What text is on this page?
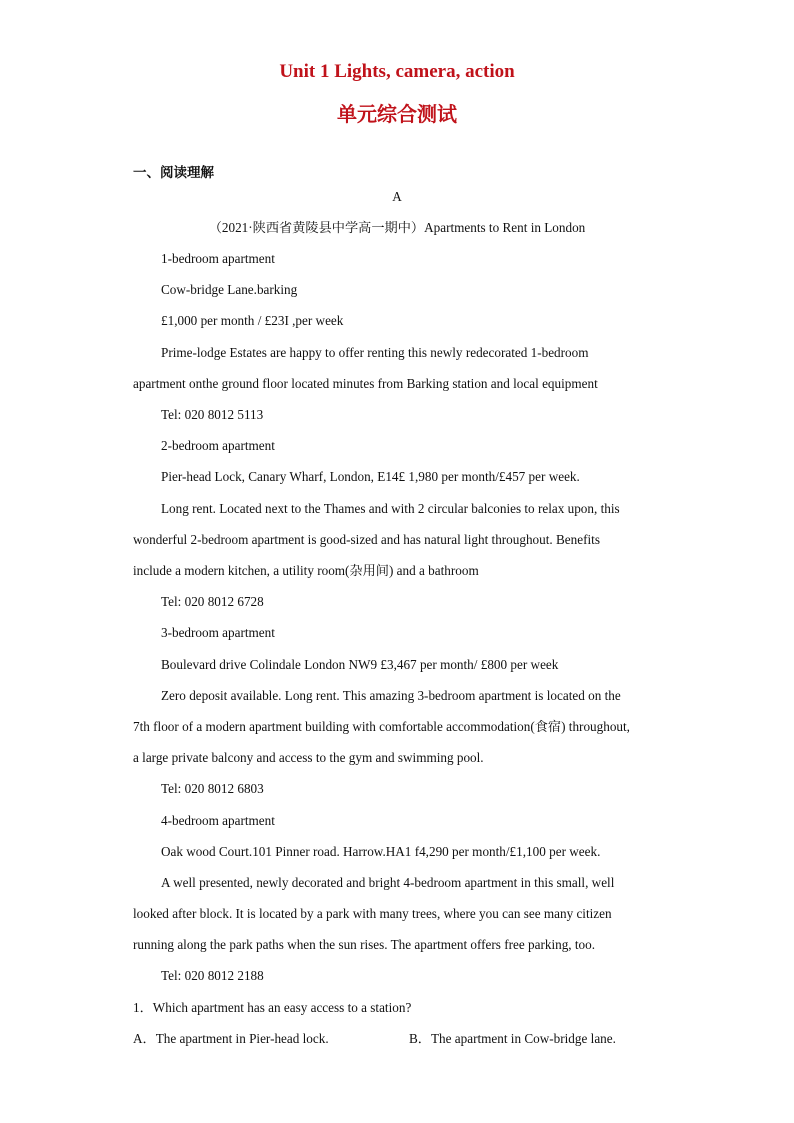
Unit 1 Lights, camera, action
单元综合测试
一、阅读理解
A
（2021·陕西省黄陵县中学高一期中）Apartments to Rent in London
1-bedroom apartment
Cow-bridge Lane.barking
£1,000 per month / £23I ,per week
Prime-lodge Estates are happy to offer renting this newly redecorated 1-bedroom
apartment onthe ground floor located minutes from Barking station and local equipment
Tel: 020 8012 5113
2-bedroom apartment
Pier-head Lock, Canary Wharf, London, E14£ 1,980 per month/£457 per week.
Long rent. Located next to the Thames and with 2 circular balconies to relax upon, this
wonderful 2-bedroom apartment is good-sized and has natural light throughout. Benefits
include a modern kitchen, a utility room(杂用间) and a bathroom
Tel: 020 8012 6728
3-bedroom apartment
Boulevard drive Colindale London NW9 £3,467 per month/ £800 per week
Zero deposit available. Long rent. This amazing 3-bedroom apartment is located on the
7th floor of a modern apartment building with comfortable accommodation(食宿) throughout,
a large private balcony and access to the gym and swimming pool.
Tel: 020 8012 6803
4-bedroom apartment
Oak wood Court.101 Pinner road. Harrow.HA1 f4,290 per month/£1,100 per week.
A well presented, newly decorated and bright 4-bedroom apartment in this small, well
looked after block. It is located by a park with many trees, where you can see many citizen
running along the park paths when the sun rises. The apartment offers free parking, too.
Tel: 020 8012 2188
1．Which apartment has an easy access to a station?
A．The apartment in Pier-head lock.	B．The apartment in Cow-bridge lane.
